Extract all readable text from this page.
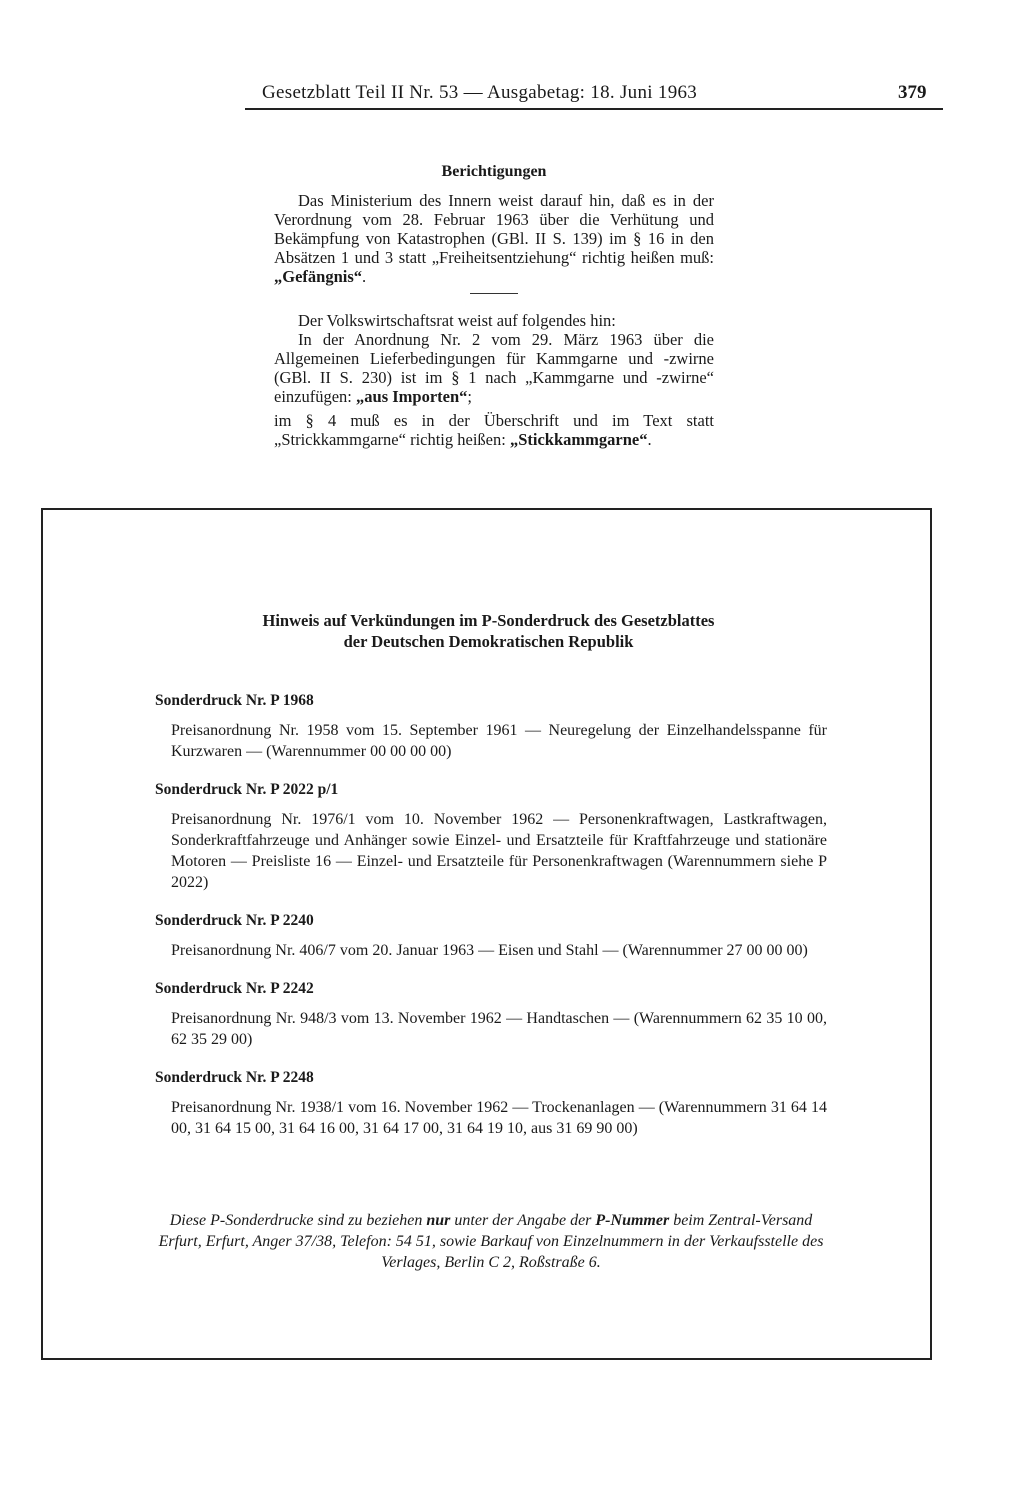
Gesetzblatt Teil II Nr. 53 — Ausgabetag: 18. Juni 1963	379
Berichtigungen

Das Ministerium des Innern weist darauf hin, daß es in der Verordnung vom 28. Februar 1963 über die Verhütung und Bekämpfung von Katastrophen (GBl. II S. 139) im § 16 in den Absätzen 1 und 3 statt „Freiheitsentziehung“ richtig heißen muß: „Gefängnis“.

Der Volkswirtschaftsrat weist auf folgendes hin:

In der Anordnung Nr. 2 vom 29. März 1963 über die Allgemeinen Lieferbedingungen für Kammgarne und -zwirne (GBl. II S. 230) ist im § 1 nach „Kammgarne und -zwirne“ einzufügen: „aus Importen“;

im § 4 muß es in der Überschrift und im Text statt „Strickkammgarne“ richtig heißen: „Stickkammgarne“.

Hinweis auf Verkündungen im P-Sonderdruck des Gesetzblattes
der Deutschen Demokratischen Republik
Sonderdruck Nr. P 1968
Preisanordnung Nr. 1958 vom 15. September 1961 — Neuregelung der Einzelhandelsspanne für Kurzwaren — (Warennummer 00 00 00 00)
Sonderdruck Nr. P 2022 p/1
Preisanordnung Nr. 1976/1 vom 10. November 1962 — Personenkraftwagen, Lastkraftwagen, Sonderkraftfahrzeuge und Anhänger sowie Einzel- und Ersatzteile für Kraftfahrzeuge und stationäre Motoren — Preisliste 16 — Einzel- und Ersatzteile für Personenkraftwagen (Warennummern siehe P 2022)
Sonderdruck Nr. P 2240
Preisanordnung Nr. 406/7 vom 20. Januar 1963 — Eisen und Stahl — (Warennummer 27 00 00 00)
Sonderdruck Nr. P 2242
Preisanordnung Nr. 948/3 vom 13. November 1962 — Handtaschen — (Warennummern 62 35 10 00, 62 35 29 00)
Sonderdruck Nr. P 2248
Preisanordnung Nr. 1938/1 vom 16. November 1962 — Trockenanlagen — (Warennummern 31 64 14 00, 31 64 15 00, 31 64 16 00, 31 64 17 00, 31 64 19 10, aus 31 69 90 00)
Diese P-Sonderdrucke sind zu beziehen nur unter der Angabe der P-Nummer beim Zentral-Versand Erfurt, Erfurt, Anger 37/38, Telefon: 54 51, sowie Barkauf von Einzelnummern in der Verkaufsstelle des Verlages, Berlin C 2, Roßstraße 6.
